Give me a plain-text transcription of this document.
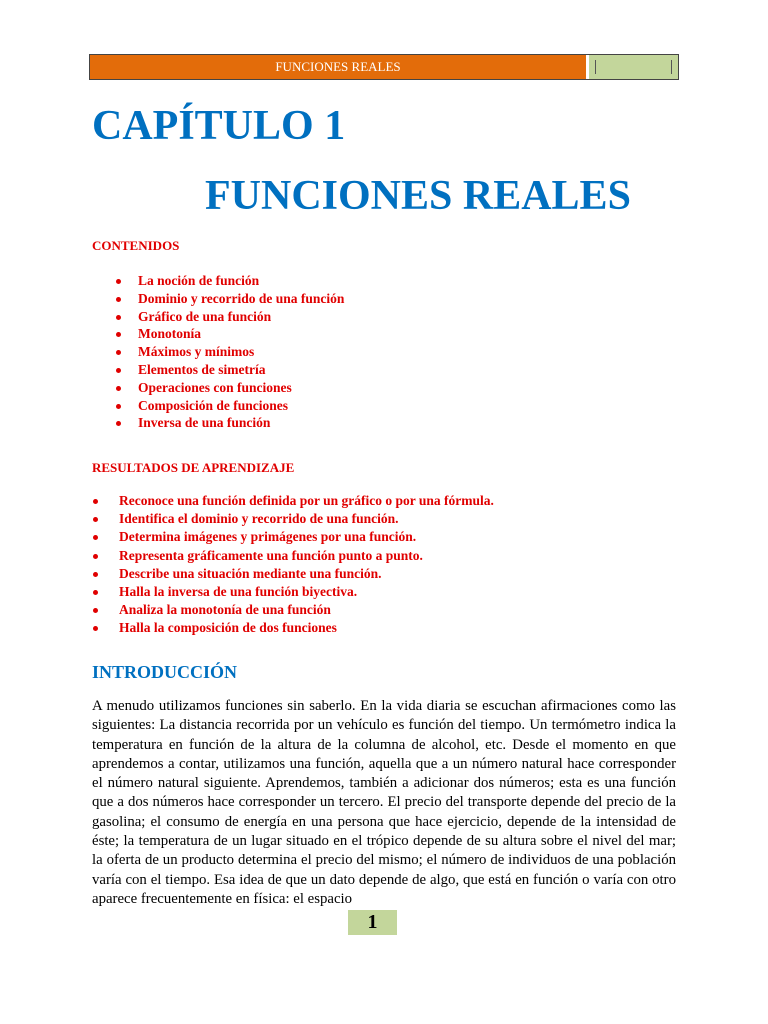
FUNCIONES REALES
CAPÍTULO 1
FUNCIONES REALES

CONTENIDOS

La noción de función
Dominio y recorrido de una función
Gráfico de una función
Monotonía
Máximos y mínimos
Elementos de simetría
Operaciones con funciones
Composición de funciones
Inversa de una función

RESULTADOS DE APRENDIZAJE

Reconoce una función definida por un gráfico o por una fórmula.
Identifica el dominio y recorrido de una función.
Determina imágenes y primágenes por una función.
Representa gráficamente una función punto a punto.
Describe una situación mediante una función.
Halla la inversa de una función biyectiva.
Analiza la monotonía de una función
Halla la composición de dos funciones
INTRODUCCIÓN

A menudo utilizamos funciones sin saberlo. En la vida diaria se escuchan afirmaciones como las siguientes: La distancia recorrida por un vehículo es función del tiempo. Un termómetro indica la temperatura en función de la altura de la columna de alcohol, etc. Desde el momento en que aprendemos a contar, utilizamos una función, aquella que a un número natural hace corresponder el número natural siguiente. Aprendemos, también a adicionar dos números; esta es una función que a dos números hace corresponder un tercero. El precio del transporte depende del precio de la gasolina; el consumo de energía en una persona que hace ejercicio, depende de la intensidad de éste; la temperatura de un lugar situado en el trópico depende de su altura sobre el nivel del mar; la oferta de un producto determina el precio del mismo; el número de individuos de una población varía con el tiempo. Esa idea de que un dato depende de algo, que está en función o varía con otro aparece frecuentemente en física: el espacio

1
